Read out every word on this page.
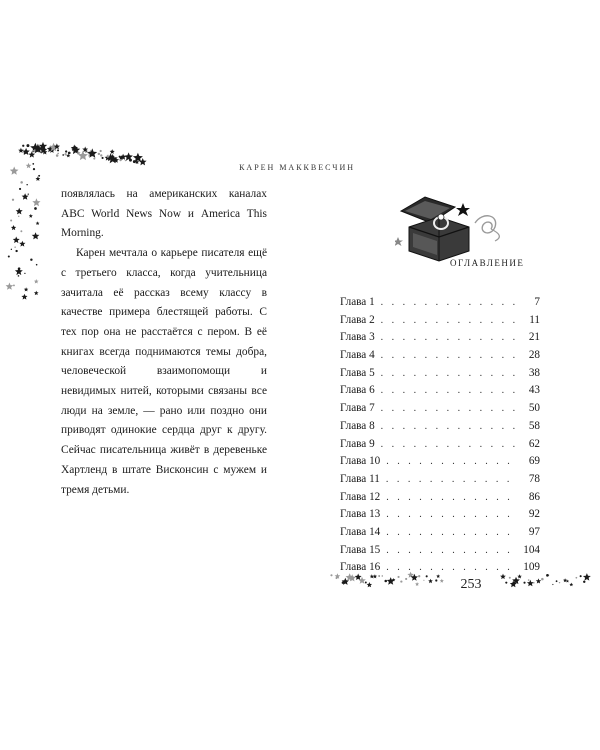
КАРЕН МАККВЕСЧИН

появлялась на американских каналах ABC World News Now и America This Morning.

Карен мечтала о карьере писателя ещё с третьего класса, когда учительница зачитала её рассказ всему классу в качестве примера блестящей работы. С тех пор она не расстаётся с пером. В её книгах всегда поднимаются темы добра, человеческой взаимопомощи и невидимых нитей, которыми связаны все люди на земле, — рано или поздно они приводят одинокие сердца друг к другу. Сейчас писательница живёт в деревеньке Хартленд в штате Висконсин с мужем и тремя детьми.

ОГЛАВЛЕНИЕ
Глава 1 . . .	7
Глава 2 . . .	11
Глава 3 . . .	21
Глава 4 . . .	28
Глава 5 . . .	38
Глава 6 . . .	43
Глава 7 . . .	50
Глава 8 . . .	58
Глава 9 . . .	62
Глава 10 . . .	69
Глава 11 . . .	78
Глава 12 . . .	86
Глава 13 . . .	92
Глава 14 . . .	97
Глава 15 . . .	104
Глава 16 . . .	109
253
